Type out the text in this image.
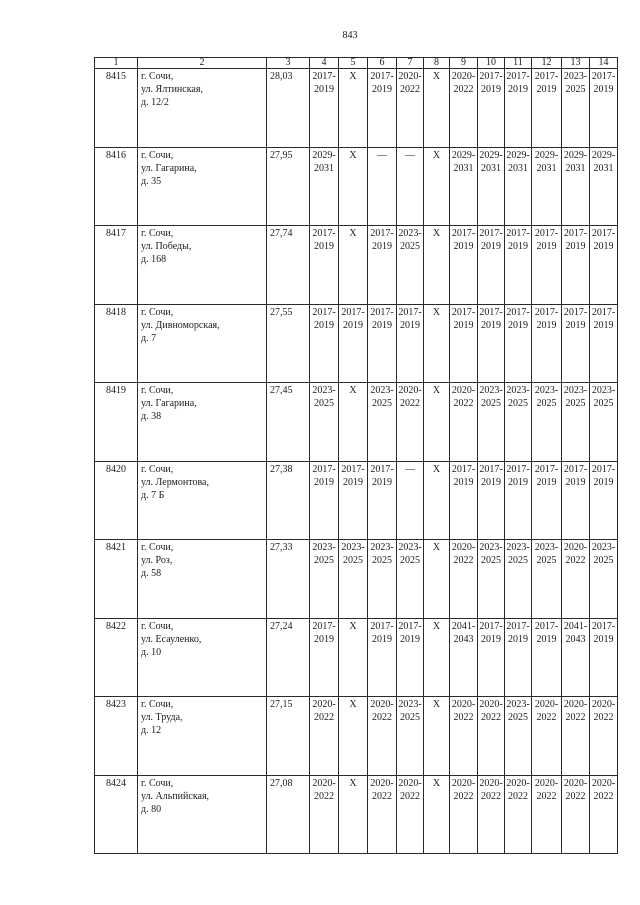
843
1	2	3	4	5	6	7	8	9	10	11	12	13	14
8415	г. Сочи,
ул. Ялтинская,
д. 12/2	28,03	2017-
2019	Х	2017-
2019	2020-
2022	Х	2020-
2022	2017-
2019	2017-
2019	2017-
2019	2023-
2025	2017-
2019

8416	г. Сочи,
ул. Гагарина,
д. 35	27,95	2029-
2031	Х	—	—	Х	2029-
2031	2029-
2031	2029-
2031	2029-
2031	2029-
2031	2029-
2031

8417	г. Сочи,
ул. Победы,
д. 168	27,74	2017-
2019	Х	2017-
2019	2023-
2025	Х	2017-
2019	2017-
2019	2017-
2019	2017-
2019	2017-
2019	2017-
2019

8418	г. Сочи,
ул. Дивноморская,
д. 7	27,55	2017-
2019	2017-
2019	2017-
2019	2017-
2019	Х	2017-
2019	2017-
2019	2017-
2019	2017-
2019	2017-
2019	2017-
2019

8419	г. Сочи,
ул. Гагарина,
д. 38	27,45	2023-
2025	Х	2023-
2025	2020-
2022	Х	2020-
2022	2023-
2025	2023-
2025	2023-
2025	2023-
2025	2023-
2025

8420	г. Сочи,
ул. Лермонтова,
д. 7 Б	27,38	2017-
2019	2017-
2019	2017-
2019	—	Х	2017-
2019	2017-
2019	2017-
2019	2017-
2019	2017-
2019	2017-
2019

8421	г. Сочи,
ул. Роз,
д. 58	27,33	2023-
2025	2023-
2025	2023-
2025	2023-
2025	Х	2020-
2022	2023-
2025	2023-
2025	2023-
2025	2020-
2022	2023-
2025

8422	г. Сочи,
ул. Есауленко,
д. 10	27,24	2017-
2019	Х	2017-
2019	2017-
2019	Х	2041-
2043	2017-
2019	2017-
2019	2017-
2019	2041-
2043	2017-
2019

8423	г. Сочи,
ул. Труда,
д. 12	27,15	2020-
2022	Х	2020-
2022	2023-
2025	Х	2020-
2022	2020-
2022	2023-
2025	2020-
2022	2020-
2022	2020-
2022

8424	г. Сочи,
ул. Альпийская,
д. 80	27,08	2020-
2022	Х	2020-
2022	2020-
2022	Х	2020-
2022	2020-
2022	2020-
2022	2020-
2022	2020-
2022	2020-
2022
